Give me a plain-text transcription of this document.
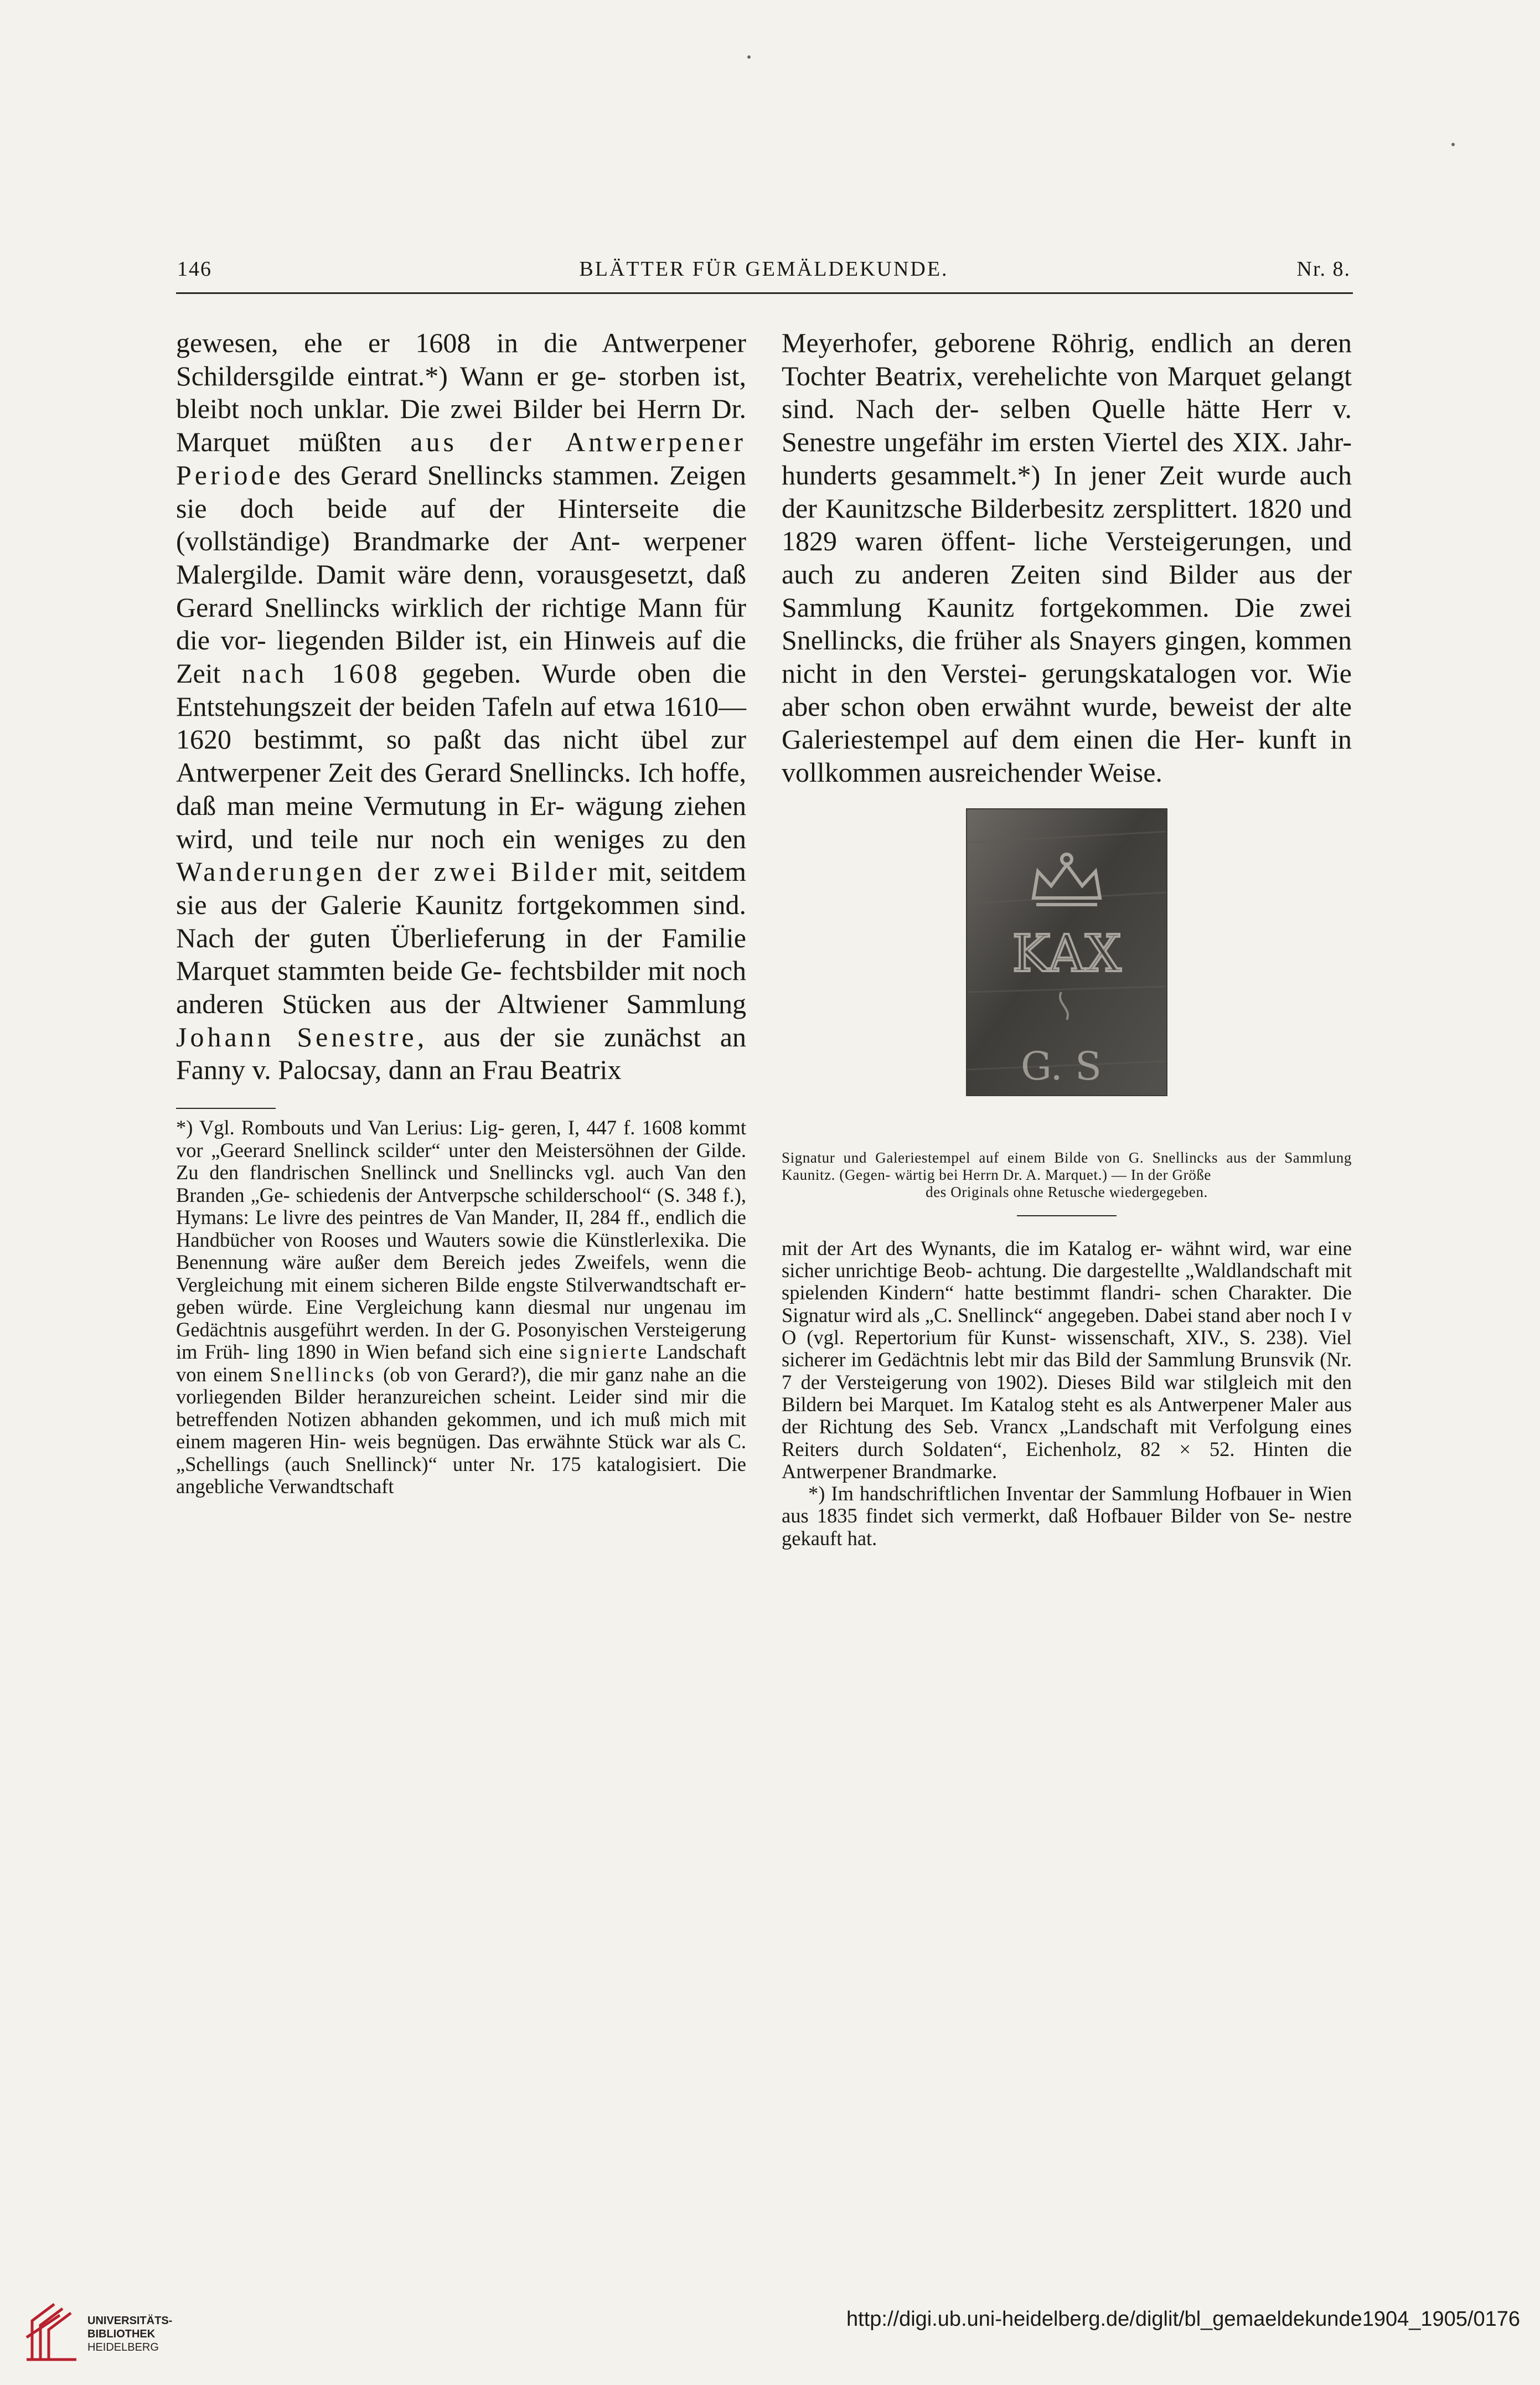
146	BLÄTTER FÜR GEMÄLDEKUNDE.	Nr. 8.

gewesen, ehe er 1608 in die Antwerpener Schildersgilde eintrat.*) Wann er ge- storben ist, bleibt noch unklar. Die zwei Bilder bei Herrn Dr. Marquet müßten aus der Antwerpener Periode des Gerard Snellincks stammen. Zeigen sie doch beide auf der Hinterseite die (vollständige) Brandmarke der Ant- werpener Malergilde. Damit wäre denn, vorausgesetzt, daß Gerard Snellincks wirklich der richtige Mann für die vor- liegenden Bilder ist, ein Hinweis auf die Zeit nach 1608 gegeben. Wurde oben die Entstehungszeit der beiden Tafeln auf etwa 1610—1620 bestimmt, so paßt das nicht übel zur Antwerpener Zeit des Gerard Snellincks. Ich hoffe, daß man meine Vermutung in Er- wägung ziehen wird, und teile nur noch ein weniges zu den Wanderungen der zwei Bilder mit, seitdem sie aus der Galerie Kaunitz fortgekommen sind. Nach der guten Überlieferung in der Familie Marquet stammten beide Ge- fechtsbilder mit noch anderen Stücken aus der Altwiener Sammlung Johann Senestre, aus der sie zunächst an Fanny v. Palocsay, dann an Frau Beatrix

*) Vgl. Rombouts und Van Lerius: Lig- geren, I, 447 f. 1608 kommt vor „Geerard Snellinck scilder“ unter den Meistersöhnen der Gilde. Zu den flandrischen Snellinck und Snellincks vgl. auch Van den Branden „Ge- schiedenis der Antverpsche schilderschool“ (S. 348 f.), Hymans: Le livre des peintres de Van Mander, II, 284 ff., endlich die Handbücher von Rooses und Wauters sowie die Künstlerlexika. Die Benennung wäre außer dem Bereich jedes Zweifels, wenn die Vergleichung mit einem sicheren Bilde engste Stilverwandtschaft er- geben würde. Eine Vergleichung kann diesmal nur ungenau im Gedächtnis ausgeführt werden. In der G. Posonyischen Versteigerung im Früh- ling 1890 in Wien befand sich eine signierte Landschaft von einem Snellincks (ob von Gerard?), die mir ganz nahe an die vorliegenden Bilder heranzureichen scheint. Leider sind mir die betreffenden Notizen abhanden gekommen, und ich muß mich mit einem mageren Hin- weis begnügen. Das erwähnte Stück war als C. „Schellings (auch Snellinck)“ unter Nr. 175 katalogisiert. Die angebliche Verwandtschaft

Meyerhofer, geborene Röhrig, endlich an deren Tochter Beatrix, verehelichte von Marquet gelangt sind. Nach der- selben Quelle hätte Herr v. Senestre ungefähr im ersten Viertel des XIX. Jahr- hunderts gesammelt.*) In jener Zeit wurde auch der Kaunitzsche Bilderbesitz zersplittert. 1820 und 1829 waren öffent- liche Versteigerungen, und auch zu anderen Zeiten sind Bilder aus der Sammlung Kaunitz fortgekommen. Die zwei Snellincks, die früher als Snayers gingen, kommen nicht in den Verstei- gerungskatalogen vor. Wie aber schon oben erwähnt wurde, beweist der alte Galeriestempel auf dem einen die Her- kunft in vollkommen ausreichender Weise.

KAX
G. S

Signatur und Galeriestempel auf einem Bilde von G. Snellincks aus der Sammlung Kaunitz. (Gegen- wärtig bei Herrn Dr. A. Marquet.) — In der Größe
des Originals ohne Retusche wiedergegeben.

mit der Art des Wynants, die im Katalog er- wähnt wird, war eine sicher unrichtige Beob- achtung. Die dargestellte „Waldlandschaft mit spielenden Kindern“ hatte bestimmt flandri- schen Charakter. Die Signatur wird als „C. Snellinck“ angegeben. Dabei stand aber noch I v O (vgl. Repertorium für Kunst- wissenschaft, XIV., S. 238). Viel sicherer im Gedächtnis lebt mir das Bild der Sammlung Brunsvik (Nr. 7 der Versteigerung von 1902). Dieses Bild war stilgleich mit den Bildern bei Marquet. Im Katalog steht es als Antwerpener Maler aus der Richtung des Seb. Vrancx „Landschaft mit Verfolgung eines Reiters durch Soldaten“, Eichenholz, 82 × 52. Hinten die Antwerpener Brandmarke.

*) Im handschriftlichen Inventar der Sammlung Hofbauer in Wien aus 1835 findet sich vermerkt, daß Hofbauer Bilder von Se- nestre gekauft hat.

UNIVERSITÄTS-
BIBLIOTHEK
HEIDELBERG
http://digi.ub.uni-heidelberg.de/diglit/bl_gemaeldekunde1904_1905/0176
